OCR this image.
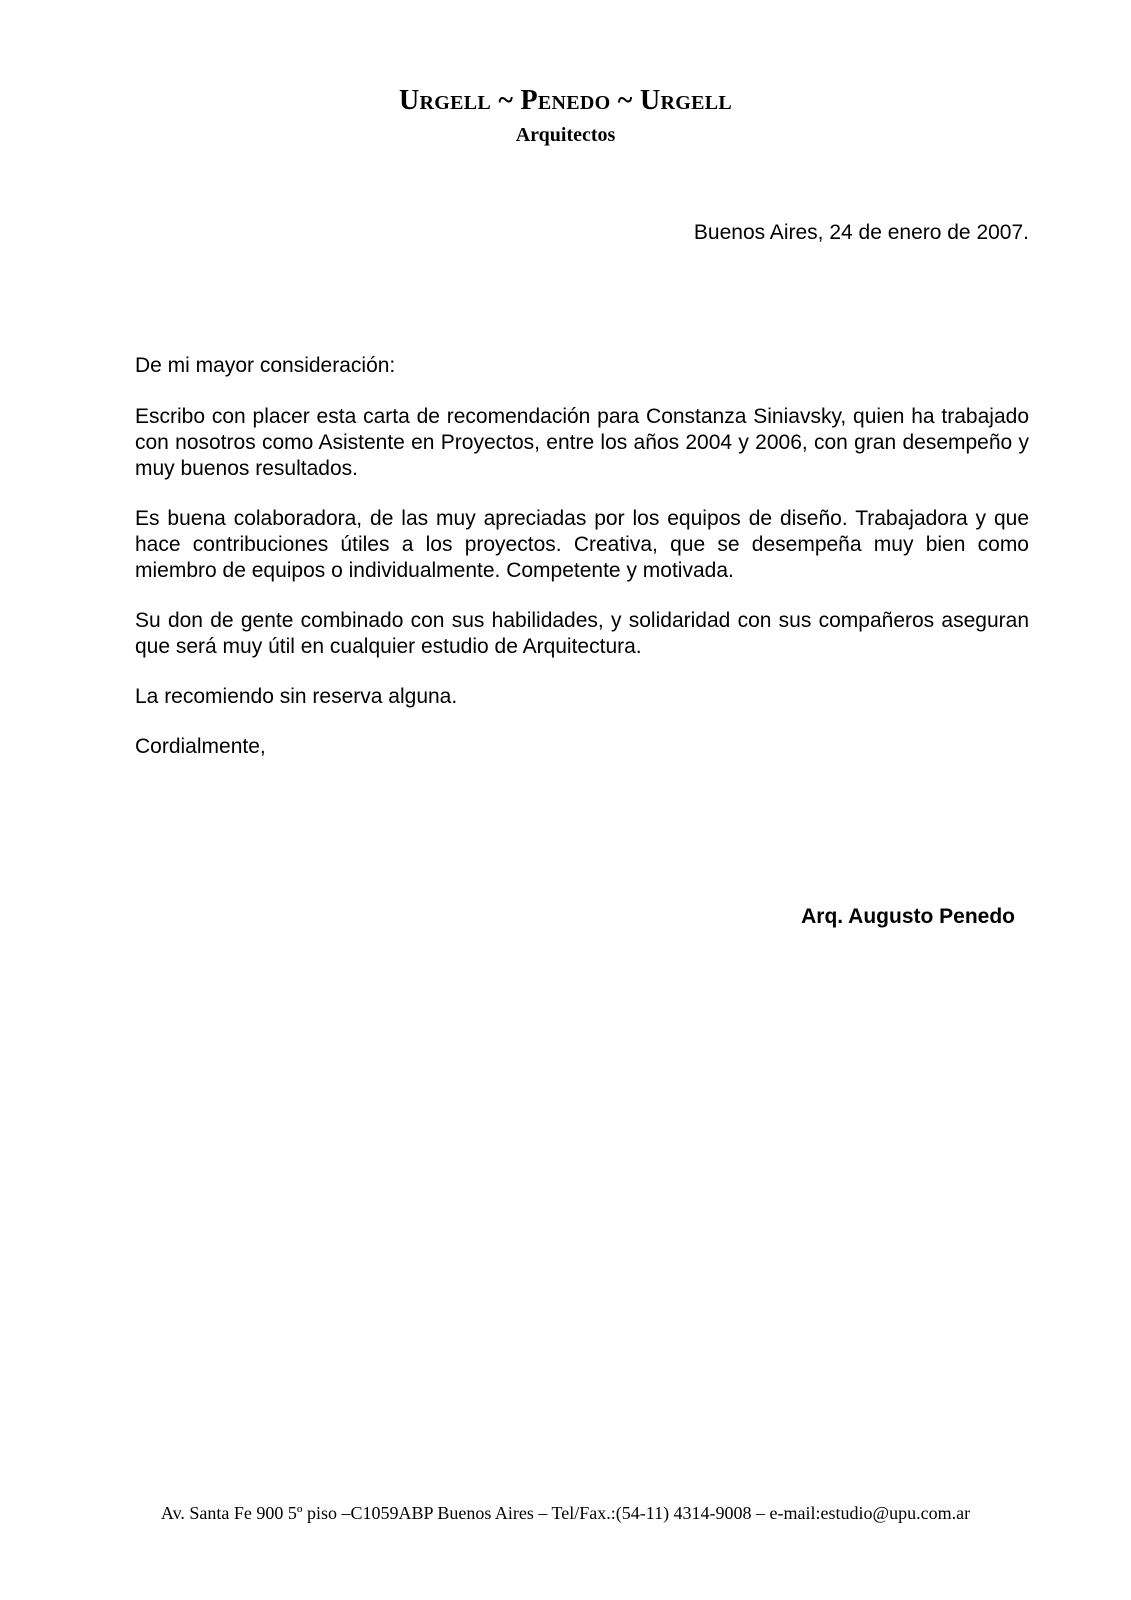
Urgell ~ Penedo ~ Urgell
Arquitectos
Buenos Aires, 24 de enero de 2007.
De mi mayor consideración:

Escribo con placer esta carta de recomendación para Constanza Siniavsky, quien ha trabajado con nosotros como Asistente en Proyectos, entre los años 2004 y 2006, con gran desempeño y muy buenos resultados.

Es buena colaboradora, de las muy apreciadas por los equipos de diseño. Trabajadora y que hace contribuciones útiles a los proyectos. Creativa, que se desempeña muy bien como miembro de equipos o individualmente. Competente y motivada.

Su don de gente combinado con sus habilidades, y solidaridad con sus compañeros aseguran que será muy útil en cualquier estudio de Arquitectura.

La recomiendo sin reserva alguna.

Cordialmente,

Arq. Augusto Penedo
Av. Santa Fe 900 5º piso –C1059ABP Buenos Aires – Tel/Fax.:(54-11) 4314-9008 – e-mail:estudio@upu.com.ar
